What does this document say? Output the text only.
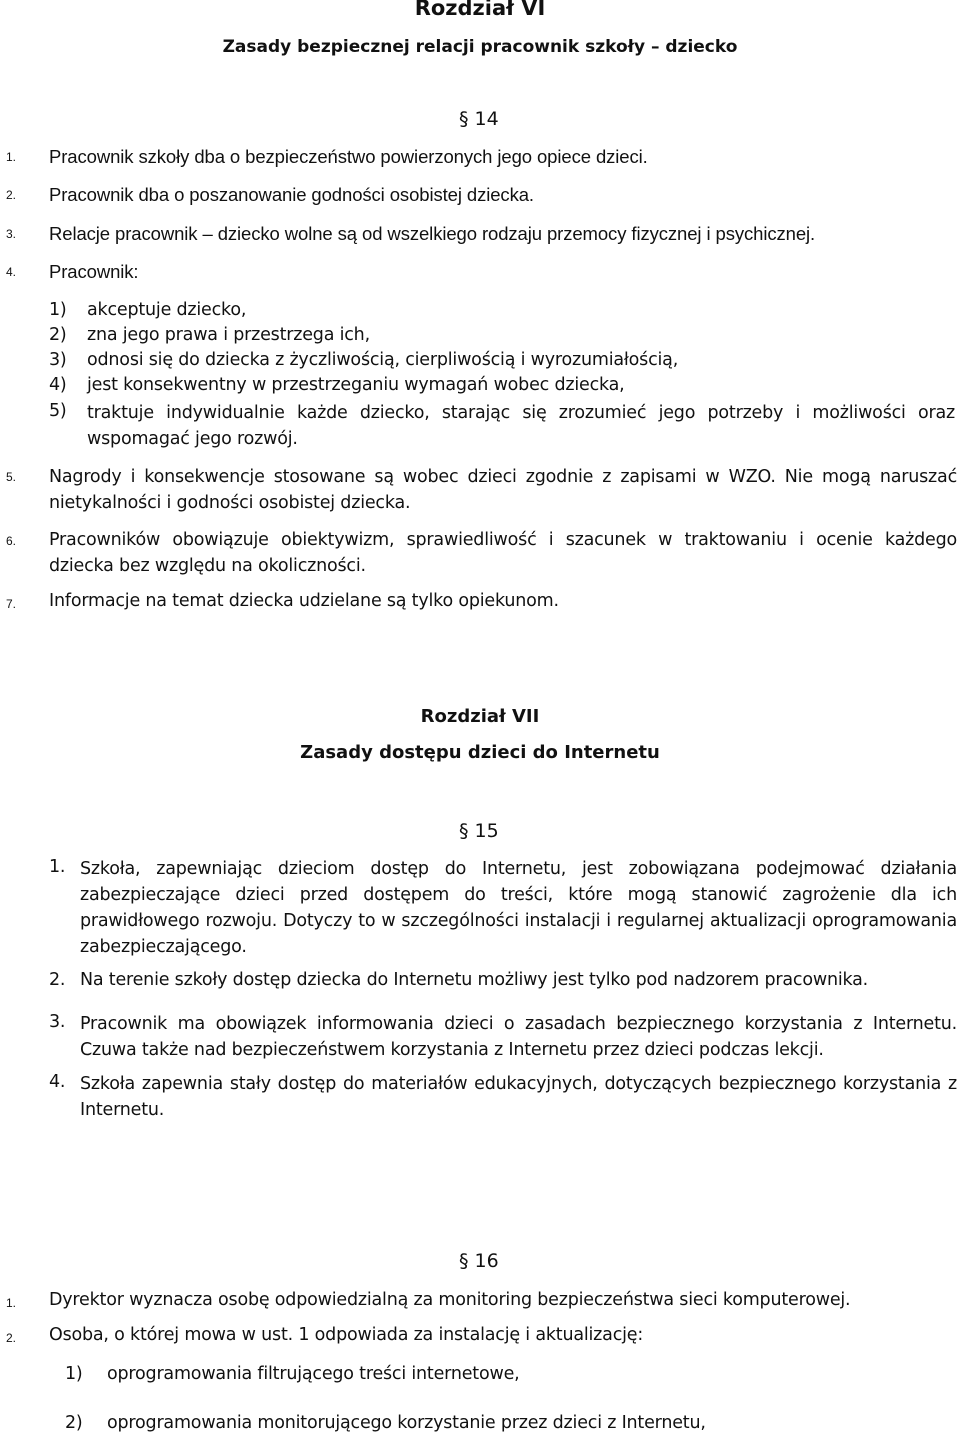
Rozdział VI
Zasady bezpiecznej relacji pracownik szkoły – dziecko
§ 14
1. Pracownik szkoły dba o bezpieczeństwo powierzonych jego opiece dzieci.
2. Pracownik dba o poszanowanie godności osobistej dziecka.
3. Relacje pracownik – dziecko wolne są od wszelkiego rodzaju przemocy fizycznej i psychicznej.
4. Pracownik:
1) akceptuje dziecko,
2) zna jego prawa i przestrzega ich,
3) odnosi się do dziecka z życzliwością, cierpliwością i wyrozumiałością,
4) jest konsekwentny w przestrzeganiu wymagań wobec dziecka,
5) traktuje indywidualnie każde dziecko, starając się zrozumieć jego potrzeby i możliwości oraz wspomagać jego rozwój.
5. Nagrody i konsekwencje stosowane są wobec dzieci zgodnie z zapisami w WZO. Nie mogą naruszać nietykalności i godności osobistej dziecka.
6. Pracowników obowiązuje obiektywizm, sprawiedliwość i szacunek w traktowaniu i ocenie każdego dziecka bez względu na okoliczności.
7. Informacje na temat dziecka udzielane są tylko opiekunom.
Rozdział VII
Zasady dostępu dzieci do Internetu
§ 15
1. Szkoła, zapewniając dzieciom dostęp do Internetu, jest zobowiązana podejmować działania zabezpieczające dzieci przed dostępem do treści, które mogą stanowić zagrożenie dla ich prawidłowego rozwoju. Dotyczy to w szczególności instalacji i regularnej aktualizacji oprogramowania zabezpieczającego.
2. Na terenie szkoły dostęp dziecka do Internetu możliwy jest tylko pod nadzorem pracownika.
3. Pracownik ma obowiązek informowania dzieci o zasadach bezpiecznego korzystania z Internetu. Czuwa także nad bezpieczeństwem korzystania z Internetu przez dzieci podczas lekcji.
4. Szkoła zapewnia stały dostęp do materiałów edukacyjnych, dotyczących bezpiecznego korzystania z Internetu.
§ 16
1. Dyrektor wyznacza osobę odpowiedzialną za monitoring bezpieczeństwa sieci komputerowej.
2. Osoba, o której mowa w ust. 1 odpowiada za instalację i aktualizację:
1) oprogramowania filtrującego treści internetowe,
2) oprogramowania monitorującego korzystanie przez dzieci z Internetu,
